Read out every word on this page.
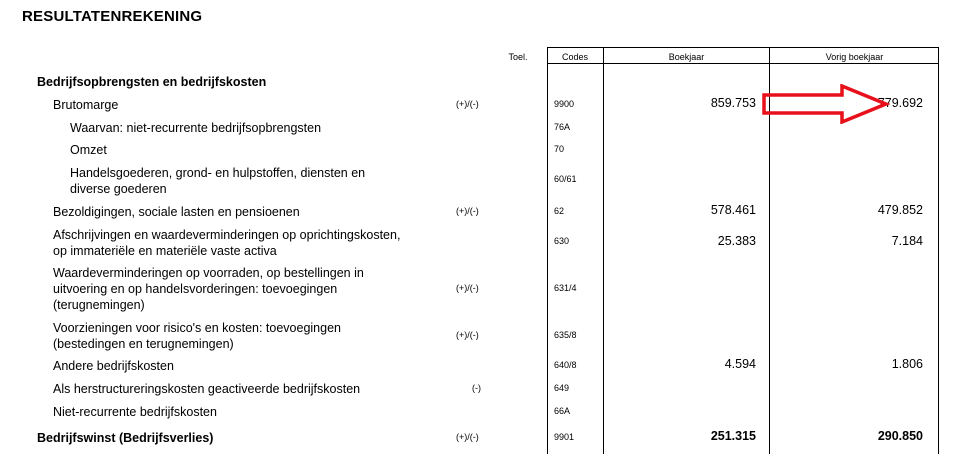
RESULTATENREKENING
Toel.	Codes	Boekjaar	Vorig boekjaar
Bedrijfsopbrengsten en bedrijfskosten
Brutomarge	(+)/(-)	9900	859.753	779.692
Waarvan: niet-recurrente bedrijfsopbrengsten	76A
Omzet	70
Handelsgoederen, grond- en hulpstoffen, diensten en
diverse goederen
60/61
Bezoldigingen, sociale lasten en pensioenen	(+)/(-)	62	578.461	479.852
Afschrijvingen en waardeverminderingen op oprichtingskosten,
op immateriële en materiële vaste activa
630	25.383	7.184
Waardeverminderingen op voorraden, op bestellingen in
uitvoering en op handelsvorderingen: toevoegingen
(terugnemingen)
(+)/(-)	631/4
Voorzieningen voor risico's en kosten: toevoegingen
(bestedingen en terugnemingen)
(+)/(-)	635/8
Andere bedrijfskosten	640/8	4.594	1.806
Als herstructureringskosten geactiveerde bedrijfskosten	(-)	649
Niet-recurrente bedrijfskosten	66A
Bedrijfswinst (Bedrijfsverlies)	(+)/(-)	9901	251.315	290.850
